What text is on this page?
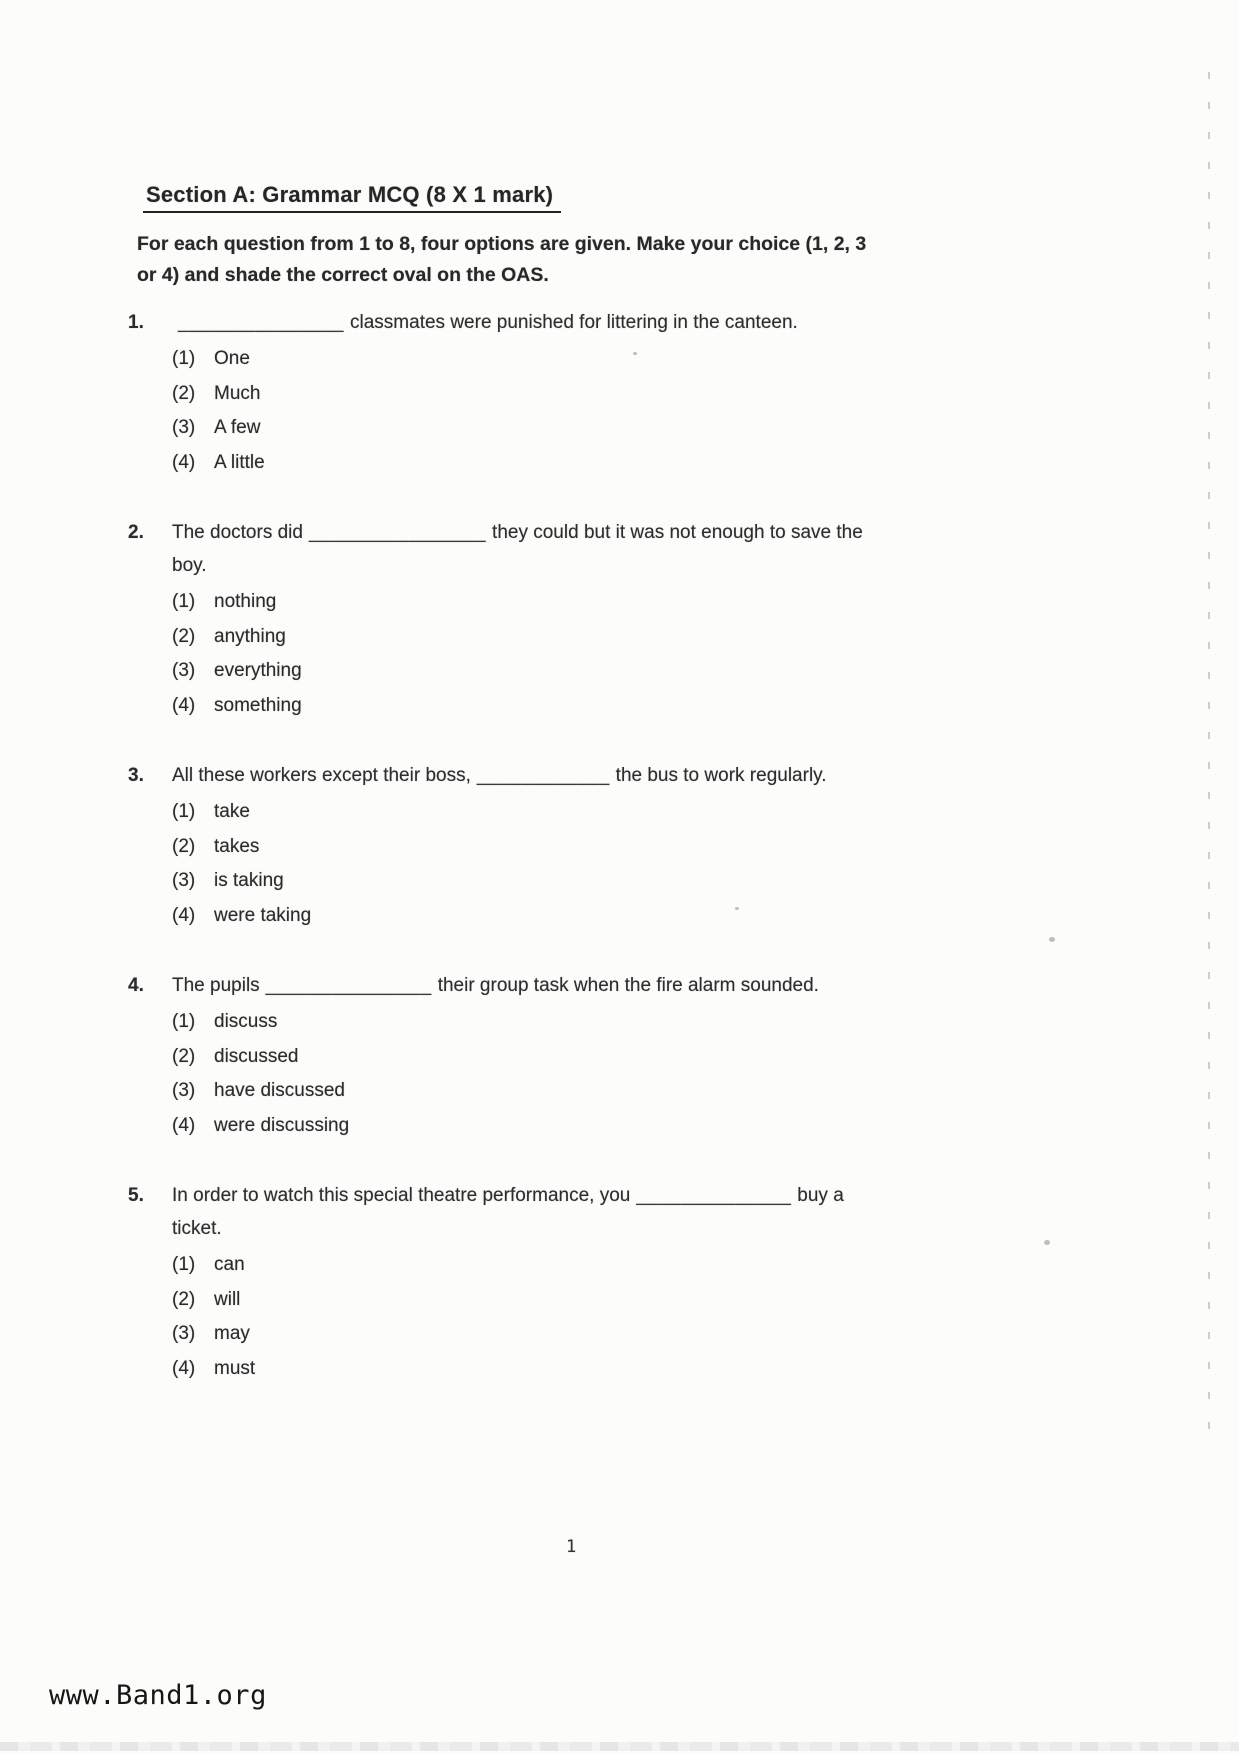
Section A: Grammar MCQ (8 X 1 mark)
For each question from 1 to 8, four options are given. Make your choice (1, 2, 3
or 4) and shade the correct oval on the OAS.
1.	_______________ classmates were punished for littering in the canteen.
(1) One
(2) Much
(3) A few
(4) A little
2.	The doctors did ________________ they could but it was not enough to save the boy.
(1) nothing
(2) anything
(3) everything
(4) something
3.	All these workers except their boss, ____________ the bus to work regularly.
(1) take
(2) takes
(3) is taking
(4) were taking
4.	The pupils _______________ their group task when the fire alarm sounded.
(1) discuss
(2) discussed
(3) have discussed
(4) were discussing
5.	In order to watch this special theatre performance, you ______________ buy a ticket.
(1) can
(2) will
(3) may
(4) must
1
www.Band1.org
